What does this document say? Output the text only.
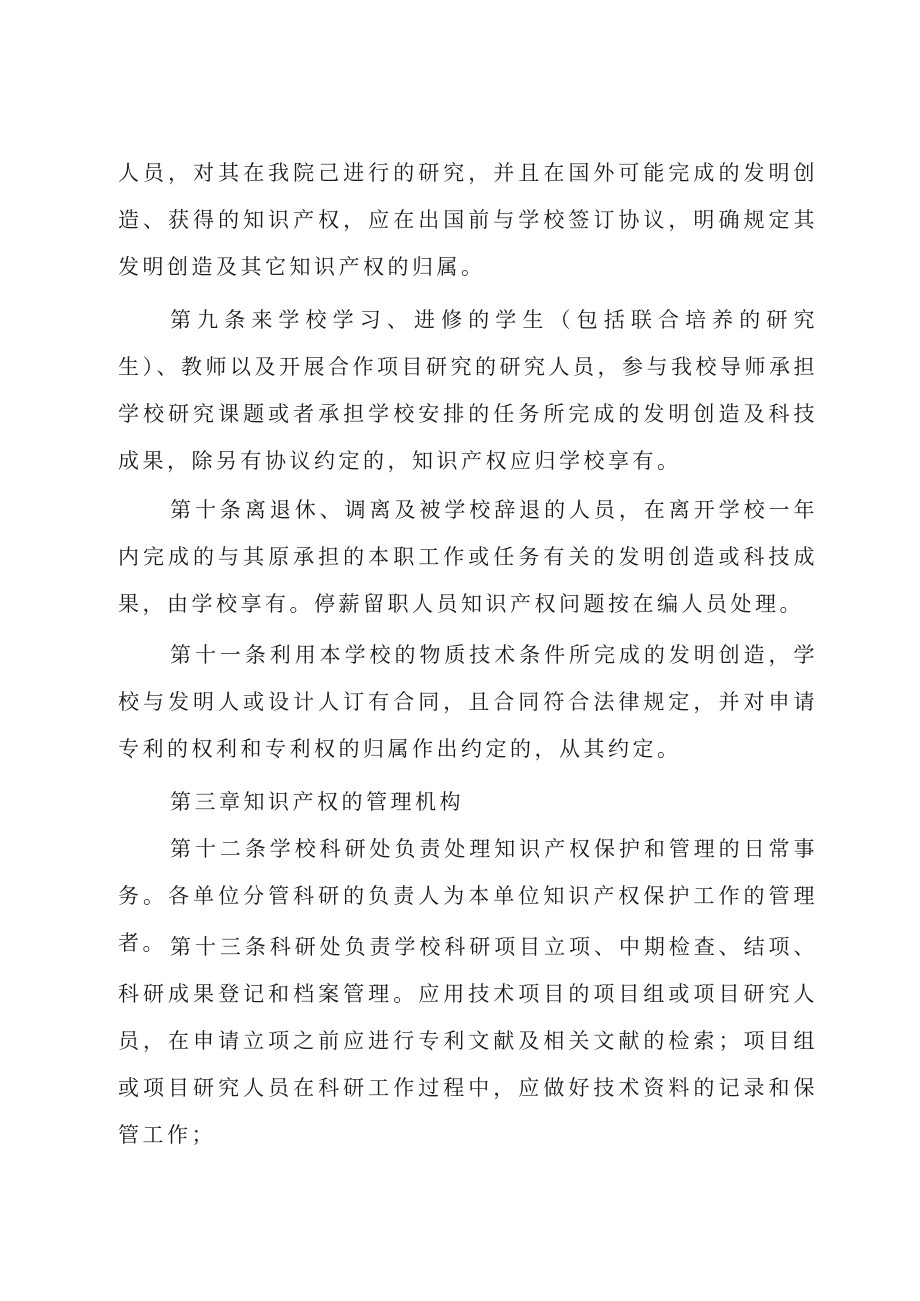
人员，对其在我院己进行的研究，并且在国外可能完成的发明创造、获得的知识产权，应在出国前与学校签订协议，明确规定其发明创造及其它知识产权的归属。

第九条来学校学习、进修的学生（包括联合培养的研究生）、教师以及开展合作项目研究的研究人员，参与我校导师承担学校研究课题或者承担学校安排的任务所完成的发明创造及科技成果，除另有协议约定的，知识产权应归学校享有。

第十条离退休、调离及被学校辞退的人员，在离开学校一年内完成的与其原承担的本职工作或任务有关的发明创造或科技成果，由学校享有。停薪留职人员知识产权问题按在编人员处理。

第十一条利用本学校的物质技术条件所完成的发明创造，学校与发明人或设计人订有合同，且合同符合法律规定，并对申请专利的权利和专利权的归属作出约定的，从其约定。

第三章知识产权的管理机构

第十二条学校科研处负责处理知识产权保护和管理的日常事务。各单位分管科研的负责人为本单位知识产权保护工作的管理者。 第十三条科研处负责学校科研项目立项、中期检查、结项、科研成果登记和档案管理。应用技术项目的项目组或项目研究人员，在申请立项之前应进行专利文献及相关文献的检索；项目组或项目研究人员在科研工作过程中，应做好技术资料的记录和保管工作；
